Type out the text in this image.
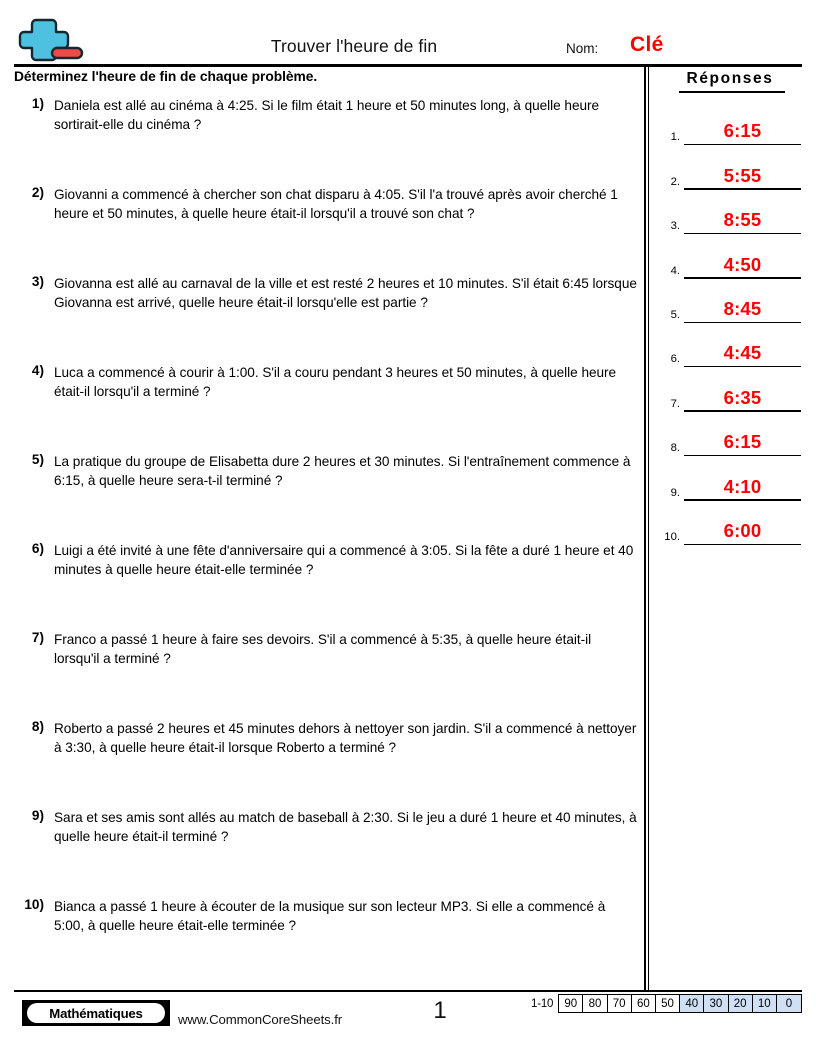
Trouver l'heure de fin	Nom: Clé
Déterminez l'heure de fin de chaque problème.
1) Daniela est allé au cinéma à 4:25. Si le film était 1 heure et 50 minutes long, à quelle heure sortirait-elle du cinéma ?
2) Giovanni a commencé à chercher son chat disparu à 4:05. S'il l'a trouvé après avoir cherché 1 heure et 50 minutes, à quelle heure était-il lorsqu'il a trouvé son chat ?
3) Giovanna est allé au carnaval de la ville et est resté 2 heures et 10 minutes. S'il était 6:45 lorsque Giovanna est arrivé, quelle heure était-il lorsqu'elle est partie ?
4) Luca a commencé à courir à 1:00. S'il a couru pendant 3 heures et 50 minutes, à quelle heure était-il lorsqu'il a terminé ?
5) La pratique du groupe de Elisabetta dure 2 heures et 30 minutes. Si l'entraînement commence à 6:15, à quelle heure sera-t-il terminé ?
6) Luigi a été invité à une fête d'anniversaire qui a commencé à 3:05. Si la fête a duré 1 heure et 40 minutes à quelle heure était-elle terminée ?
7) Franco a passé 1 heure à faire ses devoirs. S'il a commencé à 5:35, à quelle heure était-il lorsqu'il a terminé ?
8) Roberto a passé 2 heures et 45 minutes dehors à nettoyer son jardin. S'il a commencé à nettoyer à 3:30, à quelle heure était-il lorsque Roberto a terminé ?
9) Sara et ses amis sont allés au match de baseball à 2:30. Si le jeu a duré 1 heure et 40 minutes, à quelle heure était-il terminé ?
10) Bianca a passé 1 heure à écouter de la musique sur son lecteur MP3. Si elle a commencé à 5:00, à quelle heure était-elle terminée ?
Réponses
1.	6:15
2.	5:55
3.	8:55
4.	4:50
5.	8:45
6.	4:45
7.	6:35
8.	6:15
9.	4:10
10.	6:00
Mathématiques	www.CommonCoreSheets.fr	1	1-10 90 80 70 60 50 40 30 20 10	0
